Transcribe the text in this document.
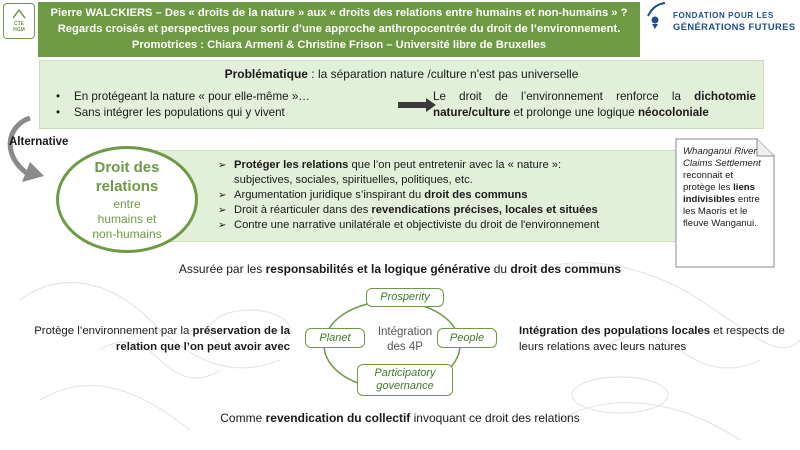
CTE
HGM
Pierre WALCKIERS – Des « droits de la nature » aux « droits des relations entre humains et non-humains » ?
Regards croisés et perspectives pour sortir d’une approche anthropocentrée du droit de l’environnement.
Promotrices : Chiara Armeni & Christine Frison – Université libre de Bruxelles
FONDATION POUR LES
GÉNÉRATIONS FUTURES
Problématique : la séparation nature /culture n'est pas universelle
•	En protégeant la nature « pour elle-même »…
•	Sans intégrer les populations qui y vivent
Le droit de l’environnement renforce la dichotomie nature/culture et prolonge une logique néocoloniale
Alternative
Droit des
relations
entre
humains et
non-humains
➢ Protéger les relations que l’on peut entretenir avec la « nature »:
subjectives, sociales, spirituelles, politiques, etc.
➢ Argumentation juridique s’inspirant du droit des communs
➢ Droit à réarticuler dans des revendications précises, locales et situées
➢ Contre une narrative unilatérale et objectiviste du droit de l'environnement
Whanganui River Claims Settlement reconnait et protège les liens indivisibles entre les Maoris et le fleuve Wanganui.
Assurée par les responsabilités et la logique générative du droit des communs
Prosperity
Planet	People
Participatory
governance
Intégration
des 4P
Protège l’environnement par la préservation de la relation que l’on peut avoir avec
Intégration des populations locales et respects de leurs relations avec leurs natures
Comme revendication du collectif invoquant ce droit des relations
